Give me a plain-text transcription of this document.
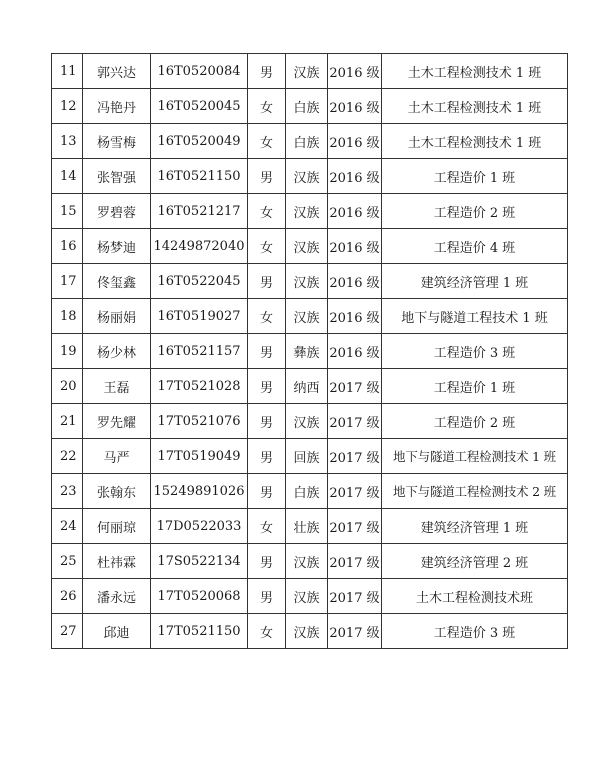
11	郭兴达	16T0520084	男	汉族	2016 级	土木工程检测技术 1 班
12	冯艳丹	16T0520045	女	白族	2016 级	土木工程检测技术 1 班
13	杨雪梅	16T0520049	女	白族	2016 级	土木工程检测技术 1 班
14	张智强	16T0521150	男	汉族	2016 级	工程造价 1 班
15	罗碧蓉	16T0521217	女	汉族	2016 级	工程造价 2 班
16	杨梦迪	14249872040	女	汉族	2016 级	工程造价 4 班
17	佟玺鑫	16T0522045	男	汉族	2016 级	建筑经济管理 1 班
18	杨丽娟	16T0519027	女	汉族	2016 级	地下与隧道工程技术 1 班
19	杨少林	16T0521157	男	彝族	2016 级	工程造价 3 班
20	王磊	17T0521028	男	纳西	2017 级	工程造价 1 班
21	罗先耀	17T0521076	男	汉族	2017 级	工程造价 2 班
22	马严	17T0519049	男	回族	2017 级	地下与隧道工程检测技术 1 班
23	张翰东	15249891026	男	白族	2017 级	地下与隧道工程检测技术 2 班
24	何丽琼	17D0522033	女	壮族	2017 级	建筑经济管理 1 班
25	杜祎霖	17S0522134	男	汉族	2017 级	建筑经济管理 2 班
26	潘永远	17T0520068	男	汉族	2017 级	土木工程检测技术班
27	邱迪	17T0521150	女	汉族	2017 级	工程造价 3 班
